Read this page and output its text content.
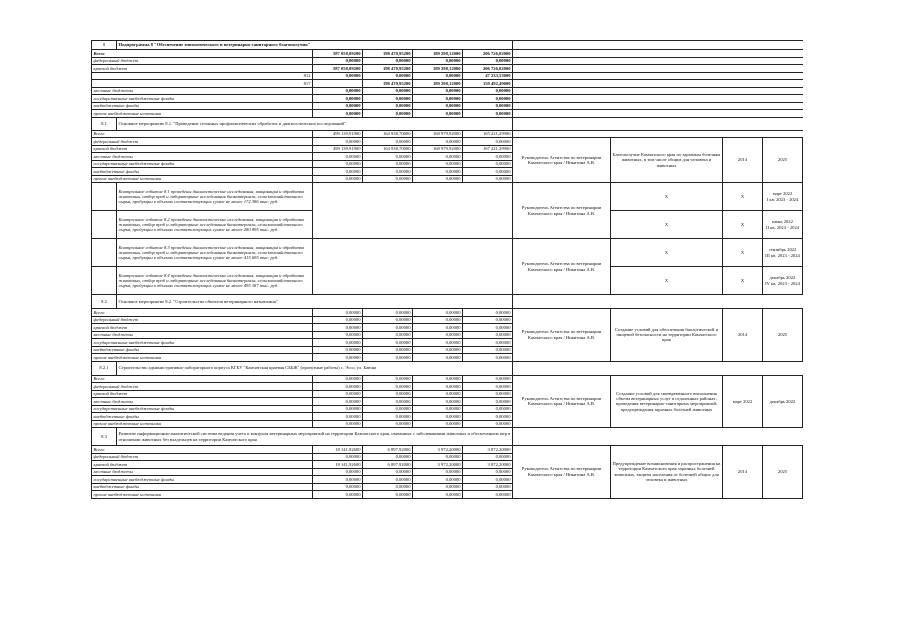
8	Подпрограмма 8 "Обеспечение эпизоотического и ветеринарно-санитарного благополучия"								
Всего		587 058,09200	198 470,95200	189 298,12000	206 726,02000				
федеральный бюджет		0,00000	0,00000	0,00000	0,00000				
краевой бюджет		587 058,09200	198 470,95200	189 298,12000	206 726,02000				
812		0,00000	0,00000	0,00000	47 233,53000				
817			198 470,95200	189 298,12000	159 492,49000				
местные бюджеты		0,00000	0,00000	0,00000	0,00000				
государственные внебюджетные фонды		0,00000	0,00000	0,00000	0,00000				
внебюджетные фонды		0,00000	0,00000	0,00000	0,00000				
прочие внебюджетные источники		0,00000	0,00000	0,00000	0,00000				
8.1	Основное мероприятие 8.1. "Проведение сезонных профилактических обработок и диагностических исследований"								
Всего		499 139,91900	164 938,70000	168 979,92000	165 221,29900				
федеральный бюджет		0,00000	0,00000	0,00000	0,00000	Руководитель Агентства по ветеринарии Камчатского края / Никитина А.В.	Благополучие Камчатского края по заразным болезням животных, в том числе общим для человека и животных	2014	2025
краевой бюджет		499 139,91900	164 938,70000	168 979,92000	167 221,29900				
местные бюджеты		0,00000	0,00000	0,00000	0,00000				
государственные внебюджетные фонды		0,00000	0,00000	0,00000	0,00000				
внебюджетные фонды		0,00000	0,00000	0,00000	0,00000				
прочие внебюджетные источники		0,00000	0,00000	0,00000	0,00000				
	Контрольное событие 8.1 проведены диагностические исследования, вакцинация и обработка животных, отбор проб и лабораторные исследования биоматериала, сельскохозяйственного сырья, продукции в объемах соответствующих сумме не менее 172 386 тыс. руб.					Руководитель Агентства по ветеринарии Камчатского края / Никитина А.В.	X	X	март 2022
I кв. 2023 - 2024
	Контрольное событие 8.2 проведены диагностические исследования, вакцинация и обработка животных, отбор проб и лабораторные исследования биоматериала, сельскохозяйственного сырья, продукции в объемах соответствующих сумме не менее 280 895 тыс. руб.						X	X	июнь 2022
II кв. 2023 - 2024
	Контрольное событие 8.3 проведены диагностические исследования, вакцинация и обработка животных, отбор проб и лабораторные исследования биоматериала, сельскохозяйственного сырья, продукции в объемах соответствующих сумме не менее 415 695 тыс. руб.					Руководитель Агентства по ветеринарии Камчатского края / Никитина А.В.	X	X	сентябрь 2022
III кв. 2023 - 2024
	Контрольное событие 8.4 проведены диагностические исследования, вакцинация и обработка животных, отбор проб и лабораторные исследования биоматериала, сельскохозяйственного сырья, продукции в объемах соответствующих сумме не менее 495 387 тыс. руб.						X	X	декабрь 2022
IV кв. 2023 - 2024
8.2	Основное мероприятие 8.2. "Строительство объектов ветеринарного назначения"								
Всего		0,00000	0,00000	0,00000	0,00000	Руководитель Агентства по ветеринарии Камчатского края / Никитина А.В.	Создание условий для обеспечения биологической и пищевой безопасности на территории Камчатского края	2014	2025
федеральный бюджет		0,00000	0,00000	0,00000	0,00000				
краевой бюджет		0,00000	0,00000	0,00000	0,00000				
местные бюджеты		0,00000	0,00000	0,00000	0,00000				
государственные внебюджетные фонды		0,00000	0,00000	0,00000	0,00000				
внебюджетные фонды		0,00000	0,00000	0,00000	0,00000				
прочие внебюджетные источники		0,00000	0,00000	0,00000	0,00000				
8.2.1	Строительство административно-лабораторного корпуса КГБУ "Камчатская краевая СББЖ" (проектные работы) с. Эссо, ул. Баюна								
Всего		0,00000	0,00000	0,00000	0,00000	Руководитель Агентства по ветеринарии Камчатского края / Никитина А.В.	Создание условий для своевременного выполнения объема ветеринарных услуг в отдаленных районах, проведения ветеринарно-санитарных мероприятий, предупреждения заразных болезней животных	март 2022	декабрь 2022
федеральный бюджет		0,00000	0,00000	0,00000	0,00000				
краевой бюджет		0,00000	0,00000	0,00000	0,00000				
местные бюджеты		0,00000	0,00000	0,00000	0,00000				
государственные внебюджетные фонды		0,00000	0,00000	0,00000	0,00000				
внебюджетные фонды		0,00000	0,00000	0,00000	0,00000				
прочие внебюджетные источники		0,00000	0,00000	0,00000	0,00000				
8.3	Развитие информационно-аналитической системы ведения учета и контроля ветеринарных мероприятий на территории Камчатского края, связанных с заболеваниями животных и обеспечением мер в отношении животных без владельцев на территории Камчатского края								
Всего		18 141,92600	6 897,92000	3 972,20000	3 872,20000	Руководитель Агентства по ветеринарии Камчатского края / Никитина А.В.	Предупреждение возникновения и распространения на территории Камчатского края заразных болезней животных, защиты населения от болезней общих для человека и животных	2014	2025
федеральный бюджет		0,00000	0,00000	0,00000	0,00000				
краевой бюджет		18 141,92600	6 897,92000	3 972,20000	3 872,20000				
местные бюджеты		0,00000	0,00000	0,00000	0,00000				
государственные внебюджетные фонды		0,00000	0,00000	0,00000	0,00000				
внебюджетные фонды		0,00000	0,00000	0,00000	0,00000				
прочие внебюджетные источники		0,00000	0,00000	0,00000	0,00000				
